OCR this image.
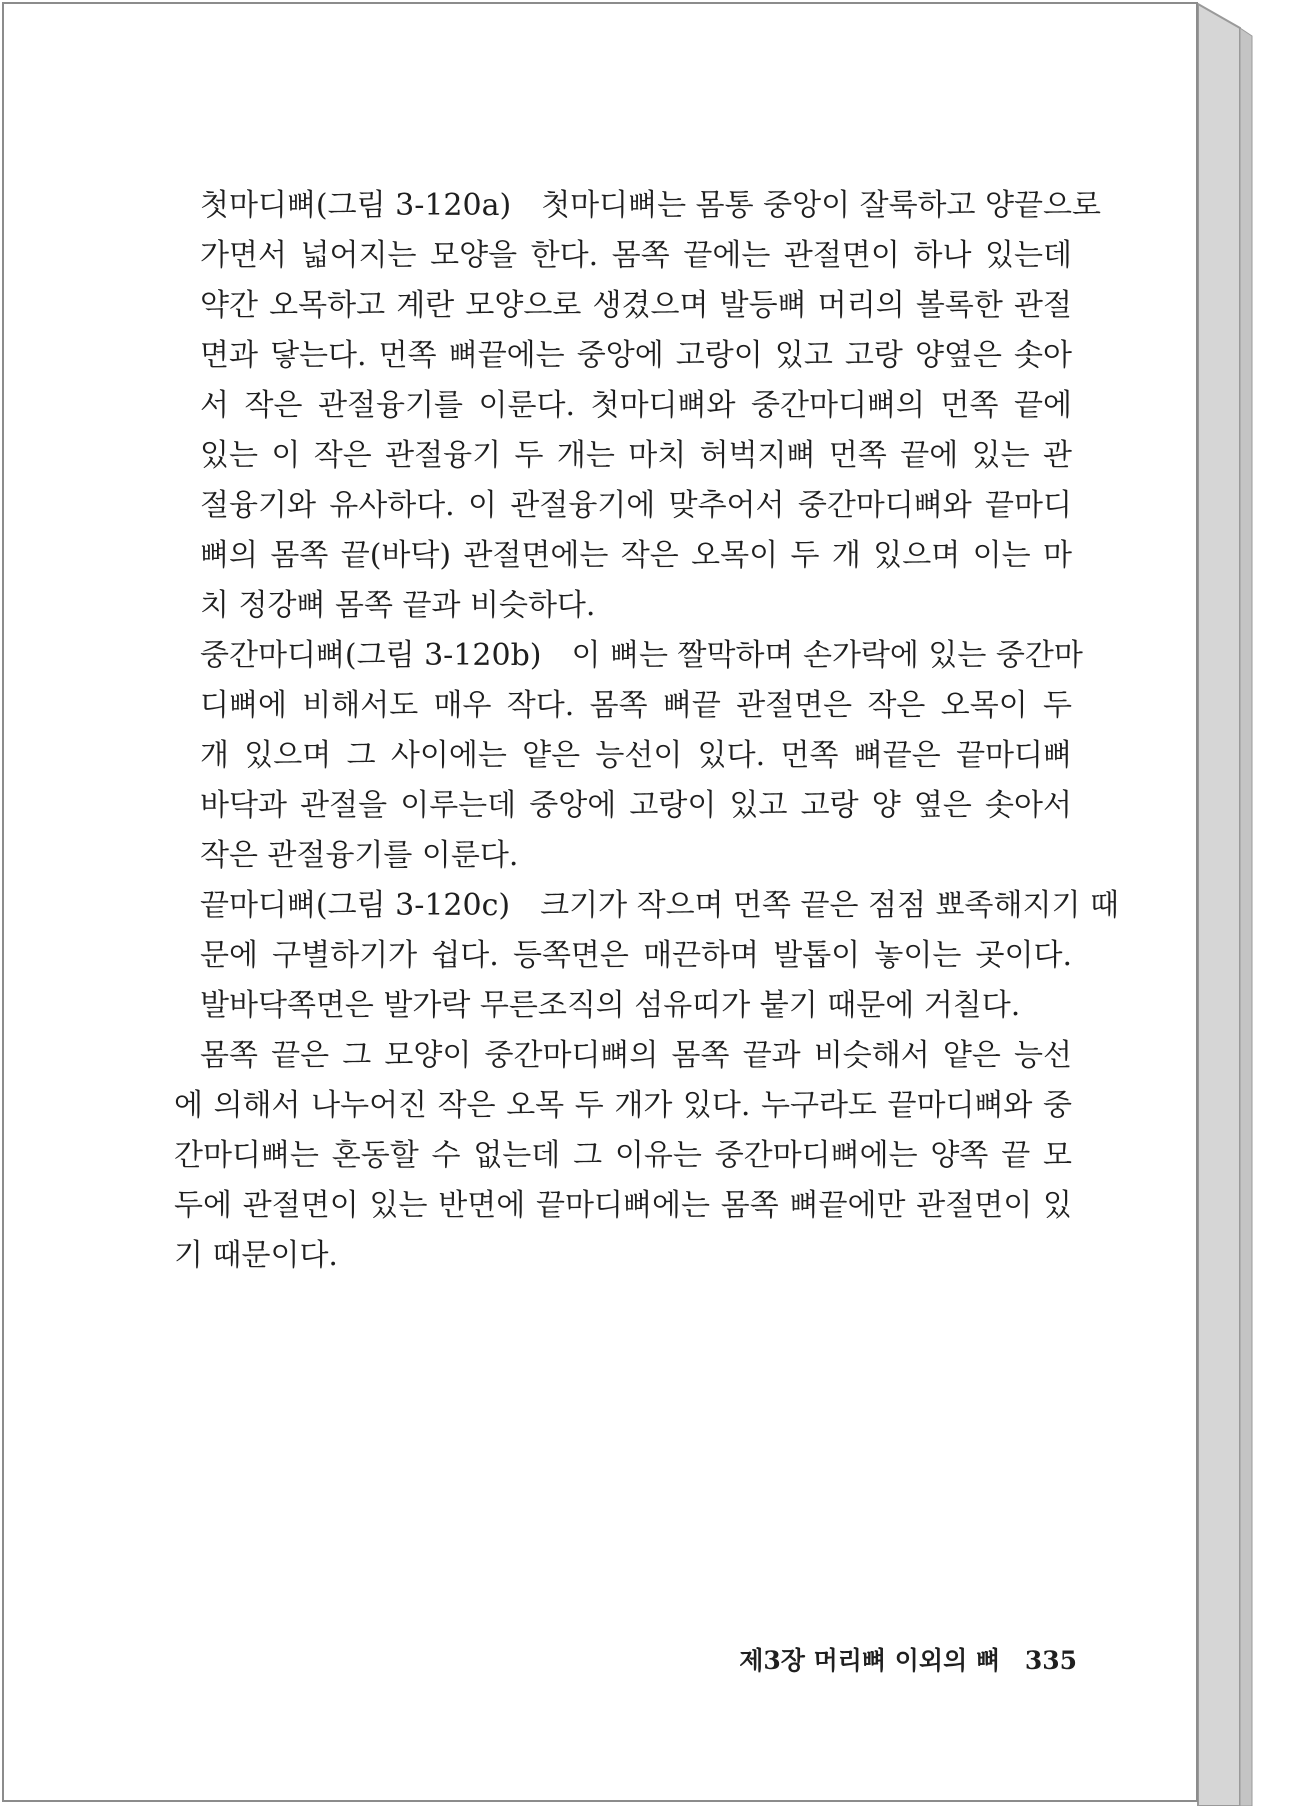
첫마디뼈(그림 3-120a)　첫마디뼈는 몸통 중앙이 잘룩하고 양끝으로
가면서 넓어지는 모양을 한다. 몸쪽 끝에는 관절면이 하나 있는데
약간 오목하고 계란 모양으로 생겼으며 발등뼈 머리의 볼록한 관절
면과 닿는다. 먼쪽 뼈끝에는 중앙에 고랑이 있고 고랑 양옆은 솟아
서 작은 관절융기를 이룬다. 첫마디뼈와 중간마디뼈의 먼쪽 끝에
있는 이 작은 관절융기 두 개는 마치 허벅지뼈 먼쪽 끝에 있는 관
절융기와 유사하다. 이 관절융기에 맞추어서 중간마디뼈와 끝마디
뼈의 몸쪽 끝(바닥) 관절면에는 작은 오목이 두 개 있으며 이는 마
치 정강뼈 몸쪽 끝과 비슷하다.
중간마디뼈(그림 3-120b)　이 뼈는 짤막하며 손가락에 있는 중간마
디뼈에 비해서도 매우 작다. 몸쪽 뼈끝 관절면은 작은 오목이 두
개 있으며 그 사이에는 얕은 능선이 있다. 먼쪽 뼈끝은 끝마디뼈
바닥과 관절을 이루는데 중앙에 고랑이 있고 고랑 양 옆은 솟아서
작은 관절융기를 이룬다.
끝마디뼈(그림 3-120c)　크기가 작으며 먼쪽 끝은 점점 뾰족해지기 때
문에 구별하기가 쉽다. 등쪽면은 매끈하며 발톱이 놓이는 곳이다.
발바닥쪽면은 발가락 무른조직의 섬유띠가 붙기 때문에 거칠다.
몸쪽 끝은 그 모양이 중간마디뼈의 몸쪽 끝과 비슷해서 얕은 능선
에 의해서 나누어진 작은 오목 두 개가 있다. 누구라도 끝마디뼈와 중
간마디뼈는 혼동할 수 없는데 그 이유는 중간마디뼈에는 양쪽 끝 모
두에 관절면이 있는 반면에 끝마디뼈에는 몸쪽 뼈끝에만 관절면이 있
기 때문이다.
제3장 머리뼈 이외의 뼈 335
